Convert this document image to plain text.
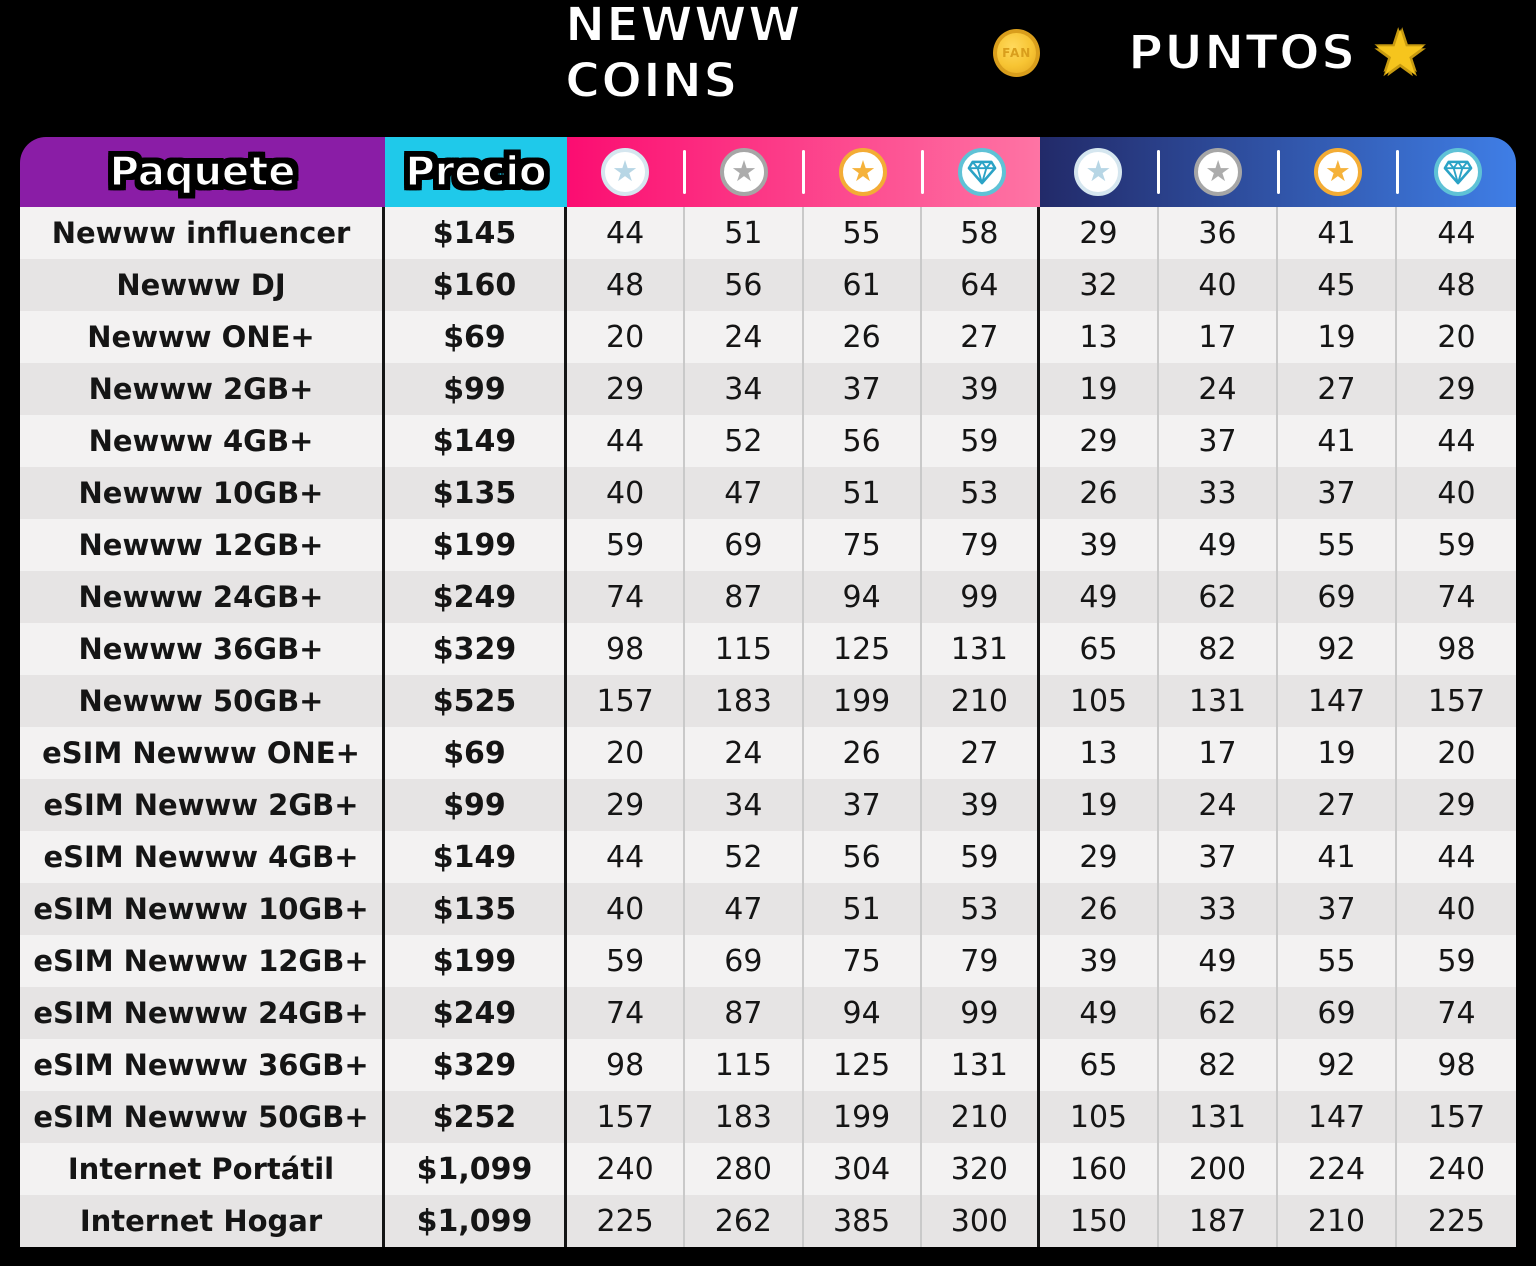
NEWWW COINS	FAN PUNTOS ★
Paquete	Precio ★	★	★	★	★	★
Newww influencer	$145	44	51	55	58	29	36	41	44
Newww DJ	$160	48	56	61	64	32	40	45	48
Newww ONE+	$69	20	24	26	27	13	17	19	20
Newww 2GB+	$99	29	34	37	39	19	24	27	29
Newww 4GB+	$149	44	52	56	59	29	37	41	44
Newww 10GB+	$135	40	47	51	53	26	33	37	40
Newww 12GB+	$199	59	69	75	79	39	49	55	59
Newww 24GB+	$249	74	87	94	99	49	62	69	74
Newww 36GB+	$329	98	115	125	131	65	82	92	98
Newww 50GB+	$525	157	183	199	210	105	131	147	157
eSIM Newww ONE+	$69	20	24	26	27	13	17	19	20
eSIM Newww 2GB+	$99	29	34	37	39	19	24	27	29
eSIM Newww 4GB+	$149	44	52	56	59	29	37	41	44
eSIM Newww 10GB+	$135	40	47	51	53	26	33	37	40
eSIM Newww 12GB+	$199	59	69	75	79	39	49	55	59
eSIM Newww 24GB+	$249	74	87	94	99	49	62	69	74
eSIM Newww 36GB+	$329	98	115	125	131	65	82	92	98
eSIM Newww 50GB+	$252	157	183	199	210	105	131	147	157
Internet Portátil	$1,099	240	280	304	320	160	200	224	240
Internet Hogar	$1,099	225	262	385	300	150	187	210	225
